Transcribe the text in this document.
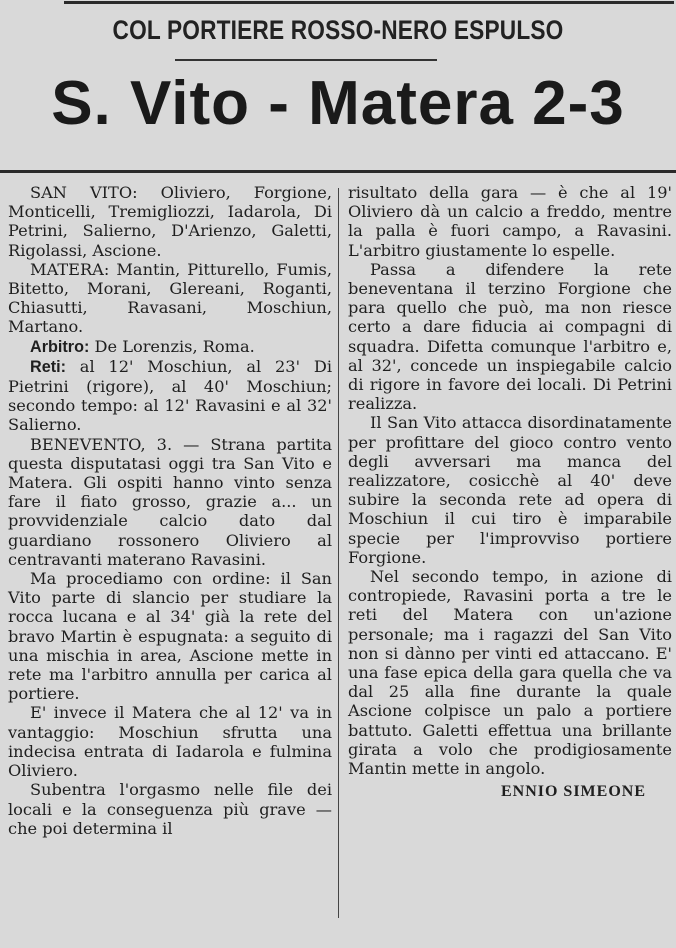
COL PORTIERE ROSSO-NERO ESPULSO
S. Vito - Matera 2-3

SAN VITO: Oliviero, Forgione, Monticelli, Tremigliozzi, Iadarola, Di Petrini, Salierno, D'Arienzo, Galetti, Rigolassi, Ascione.

MATERA: Mantin, Pitturello, Fumis, Bitetto, Morani, Glereani, Roganti, Chiasutti, Ravasani, Moschiun, Martano.

Arbitro: De Lorenzis, Roma.

Reti: al 12' Moschiun, al 23' Di Pietrini (rigore), al 40' Moschiun; secondo tempo: al 12' Ravasini e al 32' Salierno.

BENEVENTO, 3. — Strana partita questa disputatasi oggi tra San Vito e Matera. Gli ospiti hanno vinto senza fare il fiato grosso, grazie a... un provvidenziale calcio dato dal guardiano rossonero Oliviero al centravanti materano Ravasini.

Ma procediamo con ordine: il San Vito parte di slancio per studiare la rocca lucana e al 34' già la rete del bravo Martin è espugnata: a seguito di una mischia in area, Ascione mette in rete ma l'arbitro annulla per carica al portiere.

E' invece il Matera che al 12' va in vantaggio: Moschiun sfrutta una indecisa entrata di Iadarola e fulmina Oliviero.

Subentra l'orgasmo nelle file dei locali e la conseguenza più grave — che poi determina il

risultato della gara — è che al 19' Oliviero dà un calcio a freddo, mentre la palla è fuori campo, a Ravasini. L'arbitro giustamente lo espelle.

Passa a difendere la rete beneventana il terzino Forgione che para quello che può, ma non riesce certo a dare fiducia ai compagni di squadra. Difetta comunque l'arbitro e, al 32', concede un inspiegabile calcio di rigore in favore dei locali. Di Petrini realizza.

Il San Vito attacca disordinatamente per profittare del gioco contro vento degli avversari ma manca del realizzatore, cosicchè al 40' deve subire la seconda rete ad opera di Moschiun il cui tiro è imparabile specie per l'improvviso portiere Forgione.

Nel secondo tempo, in azione di contropiede, Ravasini porta a tre le reti del Matera con un'azione personale; ma i ragazzi del San Vito non si dànno per vinti ed attaccano. E' una fase epica della gara quella che va dal 25 alla fine durante la quale Ascione colpisce un palo a portiere battuto. Galetti effettua una brillante girata a volo che prodigiosamente Mantin mette in angolo.

ENNIO SIMEONE
